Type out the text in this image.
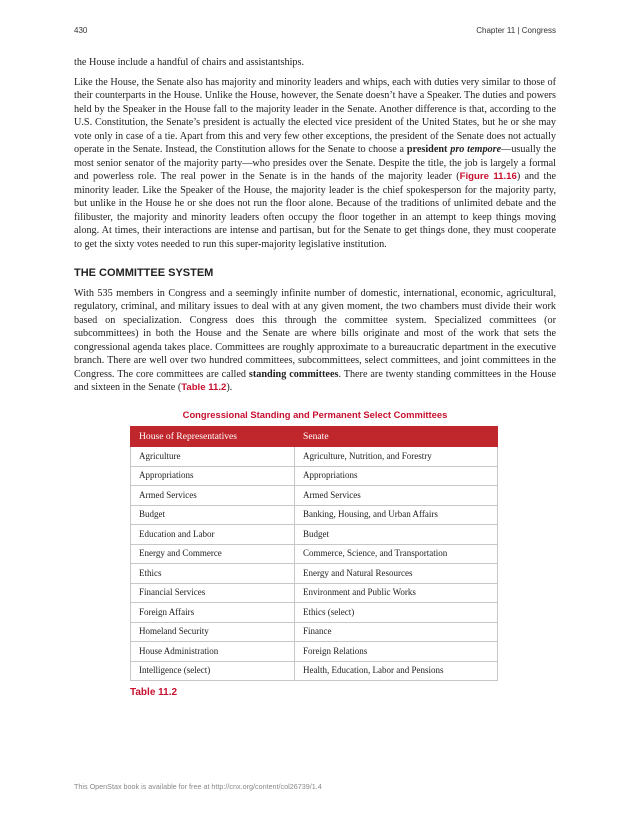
430	Chapter 11 | Congress

the House include a handful of chairs and assistantships.

Like the House, the Senate also has majority and minority leaders and whips, each with duties very similar to those of their counterparts in the House. Unlike the House, however, the Senate doesn’t have a Speaker. The duties and powers held by the Speaker in the House fall to the majority leader in the Senate. Another difference is that, according to the U.S. Constitution, the Senate’s president is actually the elected vice president of the United States, but he or she may vote only in case of a tie. Apart from this and very few other exceptions, the president of the Senate does not actually operate in the Senate. Instead, the Constitution allows for the Senate to choose a president pro tempore—usually the most senior senator of the majority party—who presides over the Senate. Despite the title, the job is largely a formal and powerless role. The real power in the Senate is in the hands of the majority leader (Figure 11.16) and the minority leader. Like the Speaker of the House, the majority leader is the chief spokesperson for the majority party, but unlike in the House he or she does not run the floor alone. Because of the traditions of unlimited debate and the filibuster, the majority and minority leaders often occupy the floor together in an attempt to keep things moving along. At times, their interactions are intense and partisan, but for the Senate to get things done, they must cooperate to get the sixty votes needed to run this super-majority legislative institution.

THE COMMITTEE SYSTEM

With 535 members in Congress and a seemingly infinite number of domestic, international, economic, agricultural, regulatory, criminal, and military issues to deal with at any given moment, the two chambers must divide their work based on specialization. Congress does this through the committee system. Specialized committees (or subcommittees) in both the House and the Senate are where bills originate and most of the work that sets the congressional agenda takes place. Committees are roughly approximate to a bureaucratic department in the executive branch. There are well over two hundred committees, subcommittees, select committees, and joint committees in the Congress. The core committees are called standing committees. There are twenty standing committees in the House and sixteen in the Senate (Table 11.2).

Congressional Standing and Permanent Select Committees
House of Representatives	Senate
Agriculture	Agriculture, Nutrition, and Forestry
Appropriations	Appropriations
Armed Services	Armed Services
Budget	Banking, Housing, and Urban Affairs
Education and Labor	Budget
Energy and Commerce	Commerce, Science, and Transportation
Ethics	Energy and Natural Resources
Financial Services	Environment and Public Works
Foreign Affairs	Ethics (select)
Homeland Security	Finance
House Administration	Foreign Relations
Intelligence (select)	Health, Education, Labor and Pensions
Table 11.2
This OpenStax book is available for free at http://cnx.org/content/col26739/1.4
